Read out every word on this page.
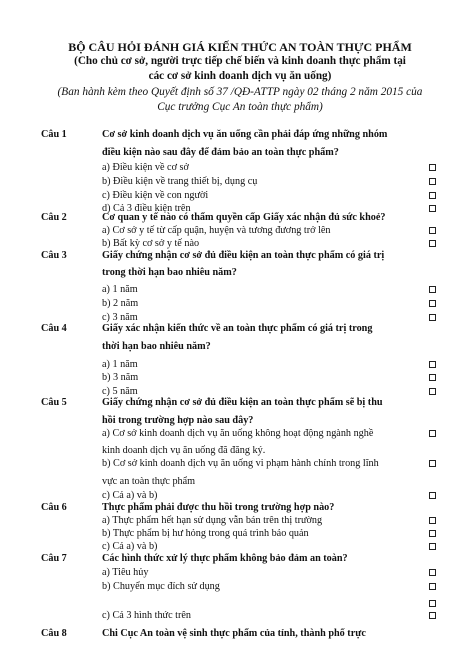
BỘ CÂU HỎI ĐÁNH GIÁ KIẾN THỨC AN TOÀN THỰC PHẨM
(Cho chủ cơ sở, người trực tiếp chế biến và kinh doanh thực phẩm tại
các cơ sở kinh doanh dịch vụ ăn uống)
(Ban hành kèm theo Quyết định số 37 /QĐ-ATTP ngày 02 tháng 2 năm 2015 của
Cục trưởng Cục An toàn thực phẩm)
Câu 1	Cơ sở kinh doanh dịch vụ ăn uống cần phải đáp ứng những nhóm
điều kiện nào sau đây để đảm bảo an toàn thực phẩm?
a) Điều kiện về cơ sở
b) Điều kiện về trang thiết bị, dụng cụ
c) Điều kiện về con người
d) Cả 3 điều kiện trên
Câu 2	Cơ quan y tế nào có thẩm quyền cấp Giấy xác nhận đủ sức khoẻ?
a) Cơ sở y tế từ cấp quận, huyện và tương đương trở lên
b) Bất kỳ cơ sở y tế nào
Câu 3	Giấy chứng nhận cơ sở đủ điều kiện an toàn thực phẩm có giá trị
trong thời hạn bao nhiêu năm?
a) 1 năm
b) 2 năm
c) 3 năm
Câu 4	Giấy xác nhận kiến thức về an toàn thực phẩm có giá trị trong
thời hạn bao nhiêu năm?
a) 1 năm
b) 3 năm
c) 5 năm
Câu 5	Giấy chứng nhận cơ sở đủ điều kiện an toàn thực phẩm sẽ bị thu
hồi trong trường hợp nào sau đây?
a) Cơ sở kinh doanh dịch vụ ăn uống không hoạt động ngành nghề
kinh doanh dịch vụ ăn uống đã đăng ký.
b) Cơ sở kinh doanh dịch vụ ăn uống vi phạm hành chính trong lĩnh
vực an toàn thực phẩm
c) Cả a) và b)
Câu 6	Thực phẩm phải được thu hồi trong trường hợp nào?
a) Thực phẩm hết hạn sử dụng vẫn bán trên thị trường
b) Thực phẩm bị hư hỏng trong quá trình bảo quản
c) Cả a) và b)
Câu 7	Các hình thức xử lý thực phẩm không bảo đảm an toàn?
a) Tiêu hủy
b) Chuyển mục đích sử dụng
c) Cả 3 hình thức trên
Câu 8	Chi Cục An toàn vệ sinh thực phẩm của tỉnh, thành phố trực
